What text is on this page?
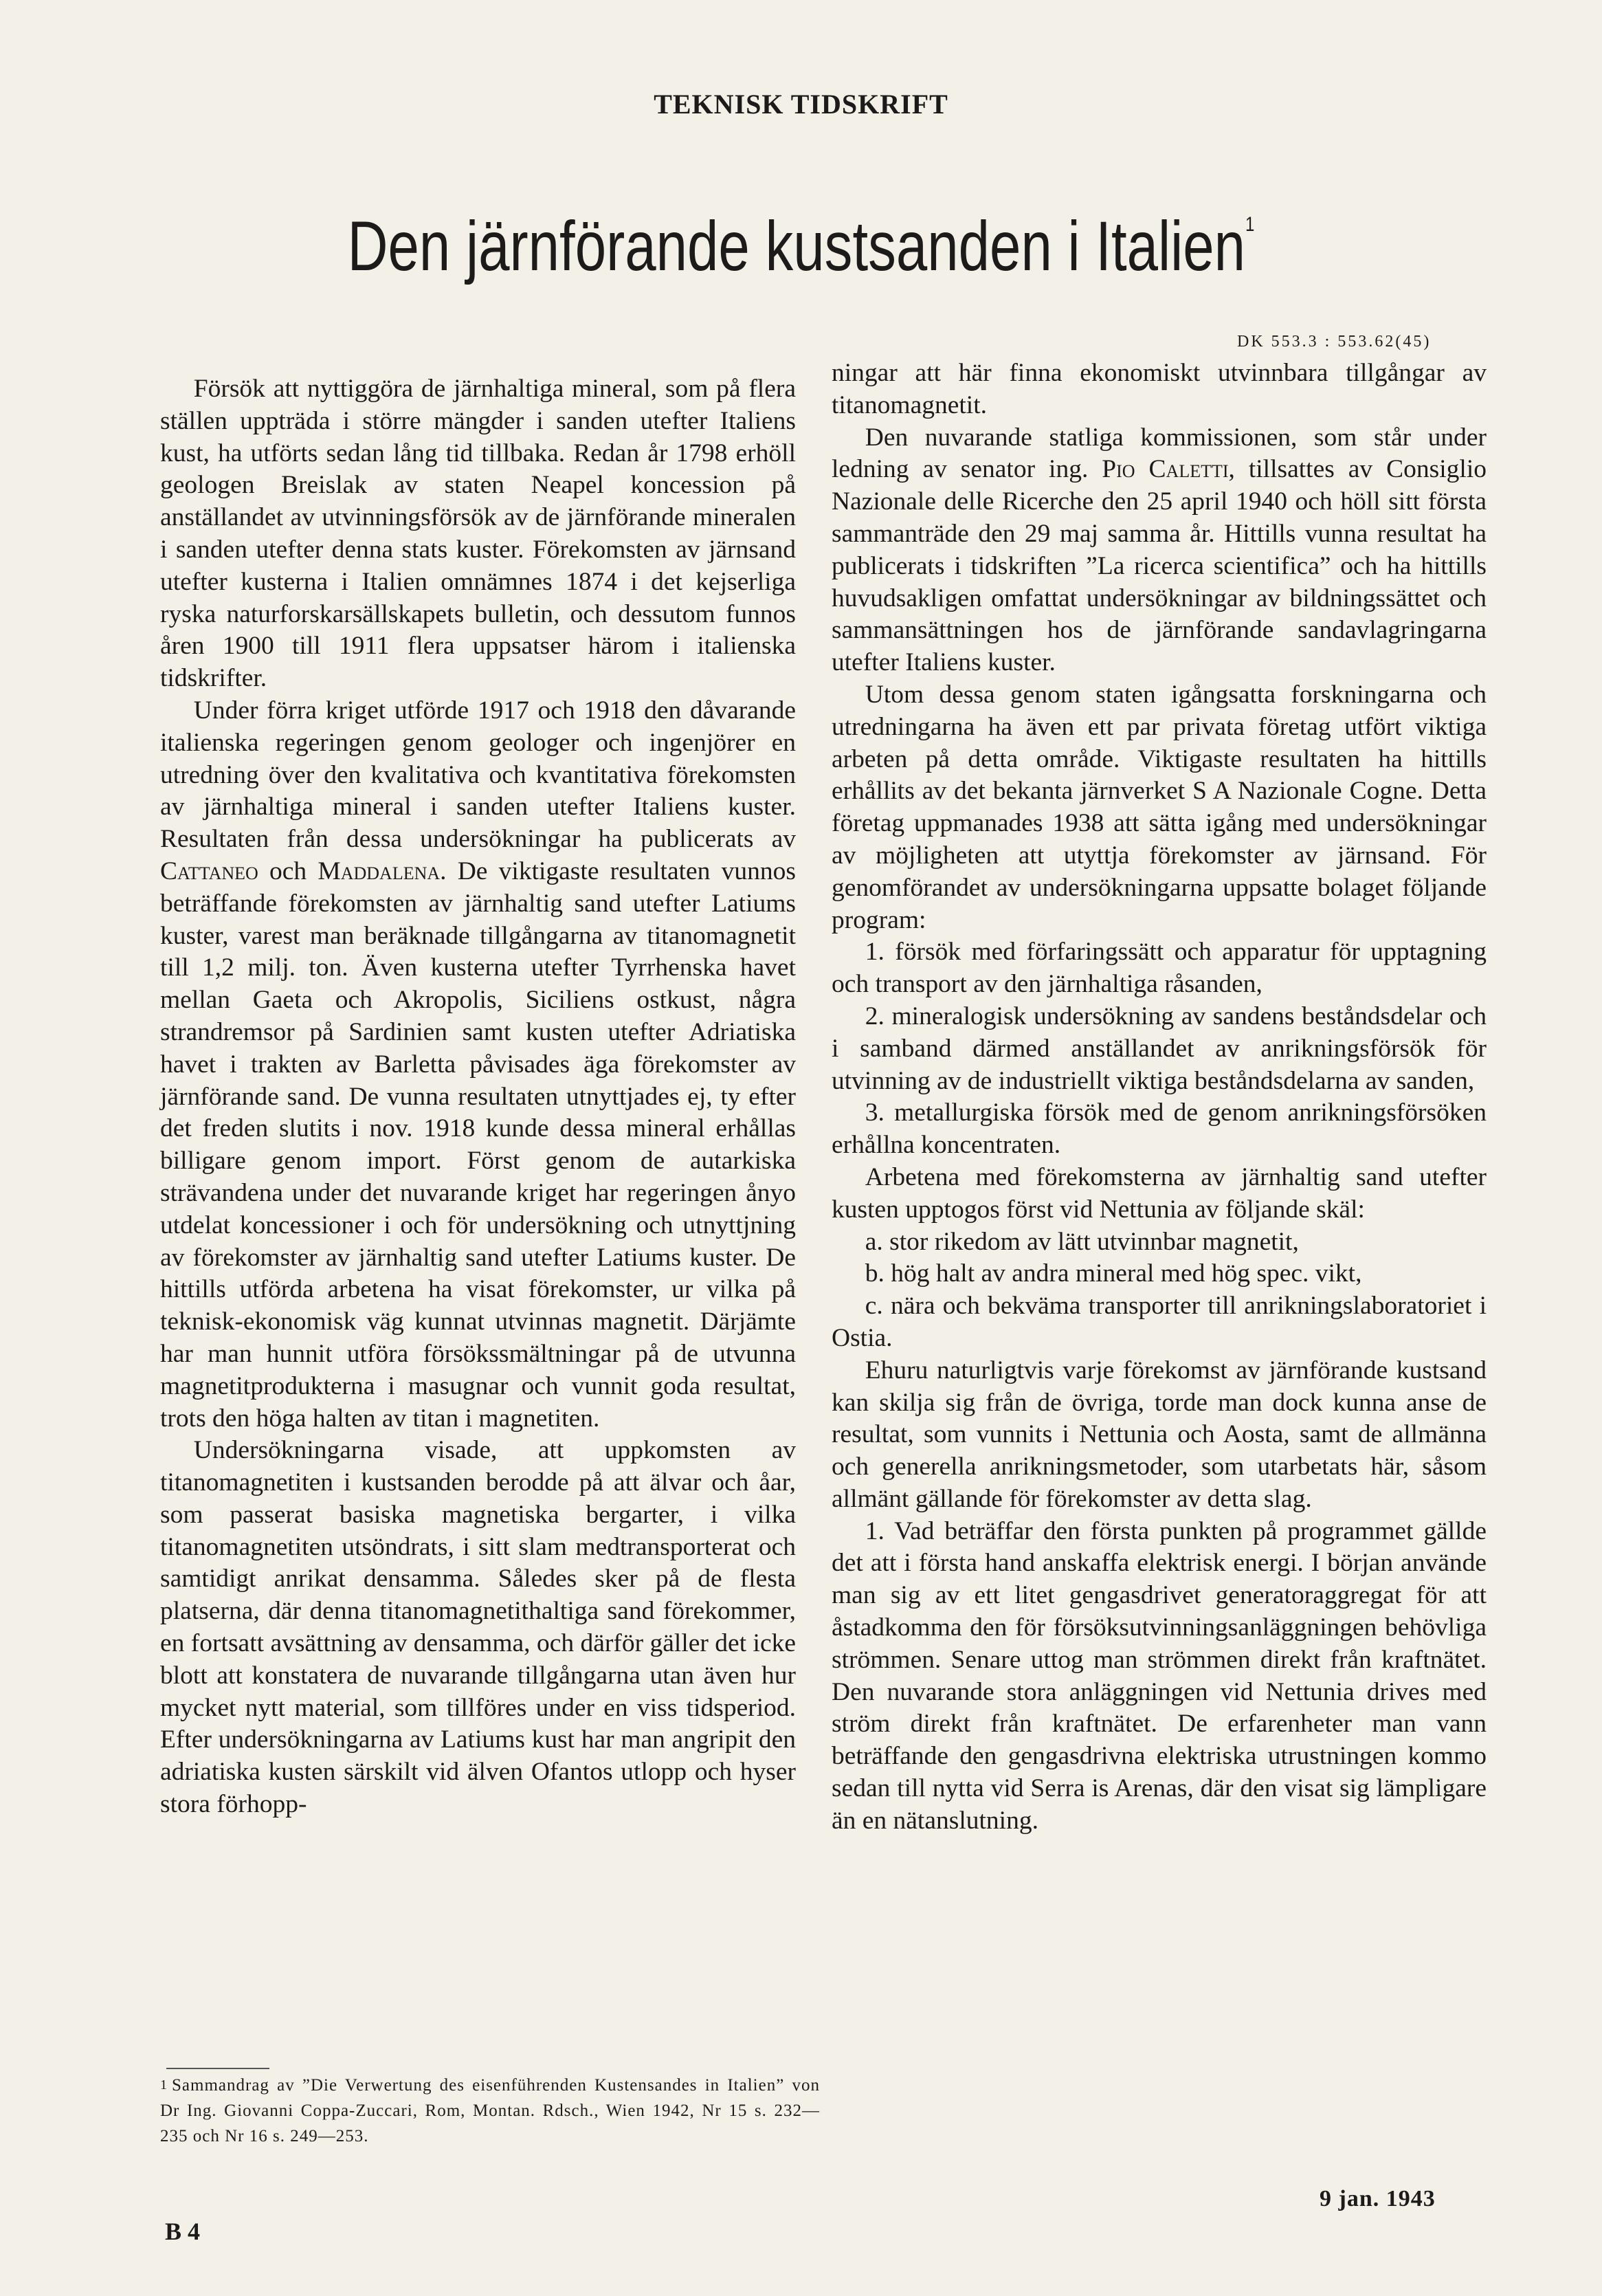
TEKNISK TIDSKRIFT
Den järnförande kustsanden i Italien$^1$
DK 553.3 : 553.62(45)

Försök att nyttiggöra de järnhaltiga mineral, som på flera ställen uppträda i större mängder i sanden utefter Italiens kust, ha utförts sedan lång tid tillbaka. Redan år 1798 erhöll geologen Breislak av staten Neapel koncession på anställandet av utvinningsförsök av de järnförande mineralen i sanden utefter denna stats kuster. Förekomsten av järnsand utefter kusterna i Italien omnämnes 1874 i det kejserliga ryska naturforskarsällskapets bulletin, och dessutom funnos åren 1900 till 1911 flera uppsatser härom i italienska tidskrifter.

Under förra kriget utförde 1917 och 1918 den dåvarande italienska regeringen genom geologer och ingenjörer en utredning över den kvalitativa och kvantitativa förekomsten av järnhaltiga mineral i sanden utefter Italiens kuster. Resultaten från dessa undersökningar ha publicerats av Cattaneo och Maddalena. De viktigaste resultaten vunnos beträffande förekomsten av järnhaltig sand utefter Latiums kuster, varest man beräknade tillgångarna av titanomagnetit till 1,2 milj. ton. Även kusterna utefter Tyrrhenska havet mellan Gaeta och Akropolis, Siciliens ostkust, några strandremsor på Sardinien samt kusten utefter Adriatiska havet i trakten av Barletta påvisades äga förekomster av järnförande sand. De vunna resultaten utnyttjades ej, ty efter det freden slutits i nov. 1918 kunde dessa mineral erhållas billigare genom import. Först genom de autarkiska strävandena under det nuvarande kriget har regeringen ånyo utdelat koncessioner i och för undersökning och utnyttjning av förekomster av järnhaltig sand utefter Latiums kuster. De hittills utförda arbetena ha visat förekomster, ur vilka på teknisk-ekonomisk väg kunnat utvinnas magnetit. Därjämte har man hunnit utföra försökssmältningar på de utvunna magnetitprodukterna i masugnar och vunnit goda resultat, trots den höga halten av titan i magnetiten.

Undersökningarna visade, att uppkomsten av titanomagnetiten i kustsanden berodde på att älvar och åar, som passerat basiska magnetiska bergarter, i vilka titanomagnetiten utsöndrats, i sitt slam medtransporterat och samtidigt anrikat densamma. Således sker på de flesta platserna, där denna titanomagnetithaltiga sand förekommer, en fortsatt avsättning av densamma, och därför gäller det icke blott att konstatera de nuvarande tillgångarna utan även hur mycket nytt material, som tillföres under en viss tidsperiod. Efter undersökningarna av Latiums kust har man angripit den adriatiska kusten särskilt vid älven Ofantos utlopp och hyser stora förhopp-

ningar att här finna ekonomiskt utvinnbara tillgångar av titanomagnetit.

Den nuvarande statliga kommissionen, som står under ledning av senator ing. Pio Caletti, tillsattes av Consiglio Nazionale delle Ricerche den 25 april 1940 och höll sitt första sammanträde den 29 maj samma år. Hittills vunna resultat ha publicerats i tidskriften ”La ricerca scientifica” och ha hittills huvudsakligen omfattat undersökningar av bildningssättet och sammansättningen hos de järnförande sandavlagringarna utefter Italiens kuster.

Utom dessa genom staten igångsatta forskningarna och utredningarna ha även ett par privata företag utfört viktiga arbeten på detta område. Viktigaste resultaten ha hittills erhållits av det bekanta järnverket S A Nazionale Cogne. Detta företag uppmanades 1938 att sätta igång med undersökningar av möjligheten att utyttja förekomster av järnsand. För genomförandet av undersökningarna uppsatte bolaget följande program:

1. försök med förfaringssätt och apparatur för upptagning och transport av den järnhaltiga råsanden,

2. mineralogisk undersökning av sandens beståndsdelar och i samband därmed anställandet av anrikningsförsök för utvinning av de industriellt viktiga beståndsdelarna av sanden,

3. metallurgiska försök med de genom anrikningsförsöken erhållna koncentraten.

Arbetena med förekomsterna av järnhaltig sand utefter kusten upptogos först vid Nettunia av följande skäl:

a. stor rikedom av lätt utvinnbar magnetit,

b. hög halt av andra mineral med hög spec. vikt,

c. nära och bekväma transporter till anrikningslaboratoriet i Ostia.

Ehuru naturligtvis varje förekomst av järnförande kustsand kan skilja sig från de övriga, torde man dock kunna anse de resultat, som vunnits i Nettunia och Aosta, samt de allmänna och generella anrikningsmetoder, som utarbetats här, såsom allmänt gällande för förekomster av detta slag.

1. Vad beträffar den första punkten på programmet gällde det att i första hand anskaffa elektrisk energi. I början använde man sig av ett litet gengasdrivet generatoraggregat för att åstadkomma den för försöksutvinningsanläggningen behövliga strömmen. Senare uttog man strömmen direkt från kraftnätet. Den nuvarande stora anläggningen vid Nettunia drives med ström direkt från kraftnätet. De erfarenheter man vann beträffande den gengasdrivna elektriska utrustningen kommo sedan till nytta vid Serra is Arenas, där den visat sig lämpligare än en nätanslutning.

$^1$ Sammandrag av ”Die Verwertung des eisenführenden Kustensandes in Italien” von Dr Ing. Giovanni Coppa-Zuccari, Rom, Montan. Rdsch., Wien 1942, Nr 15 s. 232—235 och Nr 16 s. 249—253.
B 4
9 jan. 1943
